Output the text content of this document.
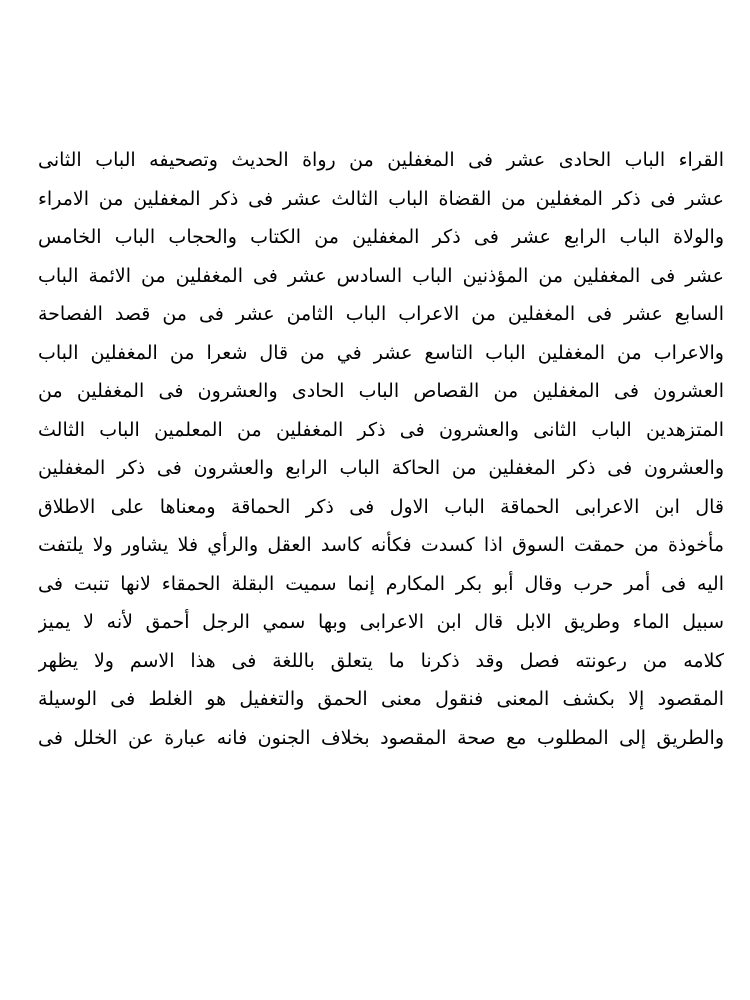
القراء الباب الحادى عشر فى المغفلين من رواة الحديث وتصحيفه الباب الثانى
عشر فى ذكر المغفلين من القضاة الباب الثالث عشر فى ذكر المغفلين من الامراء
والولاة الباب الرابع عشر فى ذكر المغفلين من الكتاب والحجاب الباب الخامس
عشر فى المغفلين من المؤذنين الباب السادس عشر فى المغفلين من الائمة الباب
السابع عشر فى المغفلين من الاعراب الباب الثامن عشر فى من قصد الفصاحة
والاعراب من المغفلين الباب التاسع عشر في من قال شعرا من المغفلين الباب
العشرون فى المغفلين من القصاص الباب الحادى والعشرون فى المغفلين من
المتزهدين الباب الثانى والعشرون فى ذكر المغفلين من المعلمين الباب الثالث
والعشرون فى ذكر المغفلين من الحاكة الباب الرابع والعشرون فى ذكر المغفلين
قال ابن الاعرابى الحماقة الباب الاول فى ذكر الحماقة ومعناها على الاطلاق
مأخوذة من حمقت السوق اذا كسدت فكأنه كاسد العقل والرأي فلا يشاور ولا يلتفت
اليه فى أمر حرب وقال أبو بكر المكارم إنما سميت البقلة الحمقاء لانها تنبت فى
سبيل الماء وطريق الابل قال ابن الاعرابى وبها سمي الرجل أحمق لأنه لا يميز
كلامه من رعونته فصل وقد ذكرنا ما يتعلق باللغة فى هذا الاسم ولا يظهر
المقصود إلا بكشف المعنى فنقول معنى الحمق والتغفيل هو الغلط فى الوسيلة
والطريق إلى المطلوب مع صحة المقصود بخلاف الجنون فانه عبارة عن الخلل فى
